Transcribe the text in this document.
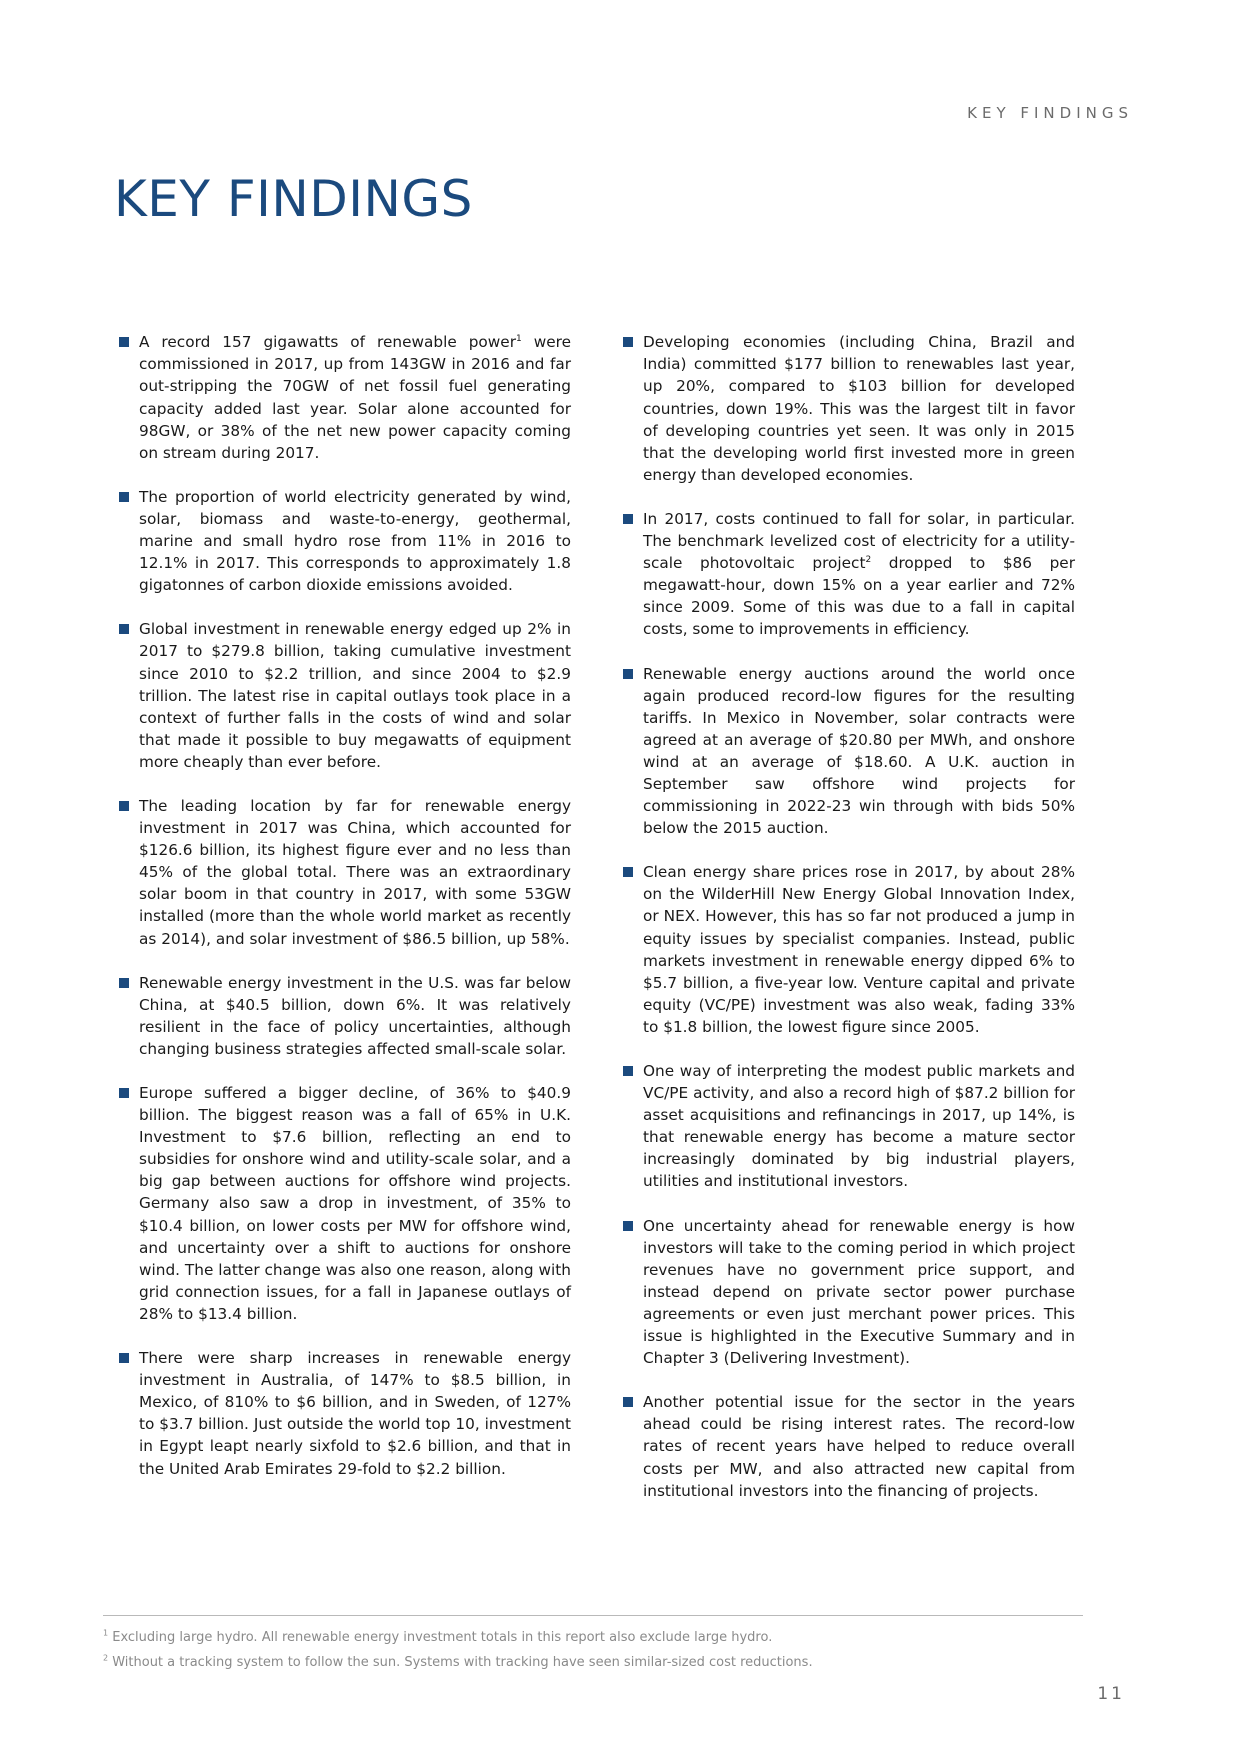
KEY FINDINGS
KEY FINDINGS

A record 157 gigawatts of renewable power$^1$ were commissioned in 2017, up from 143GW in 2016 and far out-stripping the 70GW of net fossil fuel generating capacity added last year. Solar alone accounted for 98GW, or 38% of the net new power capacity coming on stream during 2017.

The proportion of world electricity generated by wind, solar, biomass and waste-to-energy, geothermal, marine and small hydro rose from 11% in 2016 to 12.1% in 2017. This corresponds to approximately 1.8 gigatonnes of carbon dioxide emissions avoided.

Global investment in renewable energy edged up 2% in 2017 to $279.8 billion, taking cumulative investment since 2010 to $2.2 trillion, and since 2004 to $2.9 trillion. The latest rise in capital outlays took place in a context of further falls in the costs of wind and solar that made it possible to buy megawatts of equipment more cheaply than ever before.

The leading location by far for renewable energy investment in 2017 was China, which accounted for $126.6 billion, its highest figure ever and no less than 45% of the global total. There was an extraordinary solar boom in that country in 2017, with some 53GW installed (more than the whole world market as recently as 2014), and solar investment of $86.5 billion, up 58%.

Renewable energy investment in the U.S. was far below China, at $40.5 billion, down 6%. It was relatively resilient in the face of policy uncertainties, although changing business strategies affected small-scale solar.

Europe suffered a bigger decline, of 36% to $40.9 billion. The biggest reason was a fall of 65% in U.K. Investment to $7.6 billion, reflecting an end to subsidies for onshore wind and utility-scale solar, and a big gap between auctions for offshore wind projects. Germany also saw a drop in investment, of 35% to $10.4 billion, on lower costs per MW for offshore wind, and uncertainty over a shift to auctions for onshore wind. The latter change was also one reason, along with grid connection issues, for a fall in Japanese outlays of 28% to $13.4 billion.

There were sharp increases in renewable energy investment in Australia, of 147% to $8.5 billion, in Mexico, of 810% to $6 billion, and in Sweden, of 127% to $3.7 billion. Just outside the world top 10, investment in Egypt leapt nearly sixfold to $2.6 billion, and that in the United Arab Emirates 29-fold to $2.2 billion.

Developing economies (including China, Brazil and India) committed $177 billion to renewables last year, up 20%, compared to $103 billion for developed countries, down 19%. This was the largest tilt in favor of developing countries yet seen. It was only in 2015 that the developing world first invested more in green energy than developed economies.

In 2017, costs continued to fall for solar, in particular. The benchmark levelized cost of electricity for a utility-scale photovoltaic project$^2$ dropped to $86 per megawatt-hour, down 15% on a year earlier and 72% since 2009. Some of this was due to a fall in capital costs, some to improvements in efficiency.

Renewable energy auctions around the world once again produced record-low figures for the resulting tariffs. In Mexico in November, solar contracts were agreed at an average of $20.80 per MWh, and onshore wind at an average of $18.60. A U.K. auction in September saw offshore wind projects for commissioning in 2022-23 win through with bids 50% below the 2015 auction.

Clean energy share prices rose in 2017, by about 28% on the WilderHill New Energy Global Innovation Index, or NEX. However, this has so far not produced a jump in equity issues by specialist companies. Instead, public markets investment in renewable energy dipped 6% to $5.7 billion, a five-year low. Venture capital and private equity (VC/PE) investment was also weak, fading 33% to $1.8 billion, the lowest figure since 2005.

One way of interpreting the modest public markets and VC/PE activity, and also a record high of $87.2 billion for asset acquisitions and refinancings in 2017, up 14%, is that renewable energy has become a mature sector increasingly dominated by big industrial players, utilities and institutional investors.

One uncertainty ahead for renewable energy is how investors will take to the coming period in which project revenues have no government price support, and instead depend on private sector power purchase agreements or even just merchant power prices. This issue is highlighted in the Executive Summary and in Chapter 3 (Delivering Investment).

Another potential issue for the sector in the years ahead could be rising interest rates. The record-low rates of recent years have helped to reduce overall costs per MW, and also attracted new capital from institutional investors into the financing of projects.

$^1$ Excluding large hydro. All renewable energy investment totals in this report also exclude large hydro.
$^2$ Without a tracking system to follow the sun. Systems with tracking have seen similar-sized cost reductions.
11
